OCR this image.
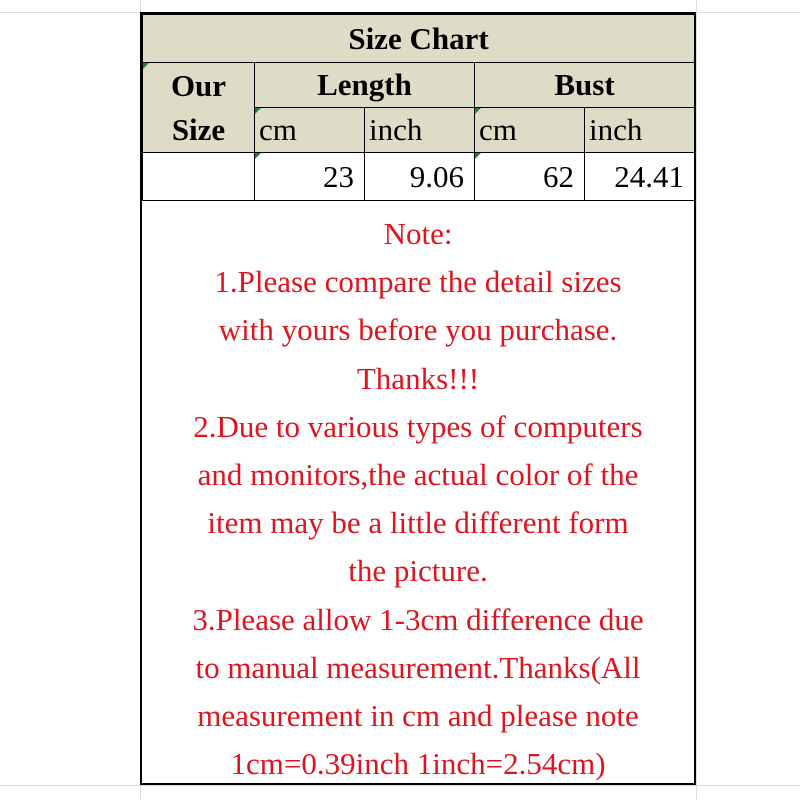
Size Chart				

Our
Size	Length		Bust	
	cm	inch	cm	inch
	23	9.06	62	24.41
Note:
1.Please compare the detail sizes
with yours before you purchase.
Thanks!!!
2.Due to various types of computers
and monitors,the actual color of the
item may be a little different form
the picture.
3.Please allow 1-3cm difference due
to manual measurement.Thanks(All
measurement in cm and please note
1cm=0.39inch 1inch=2.54cm)
